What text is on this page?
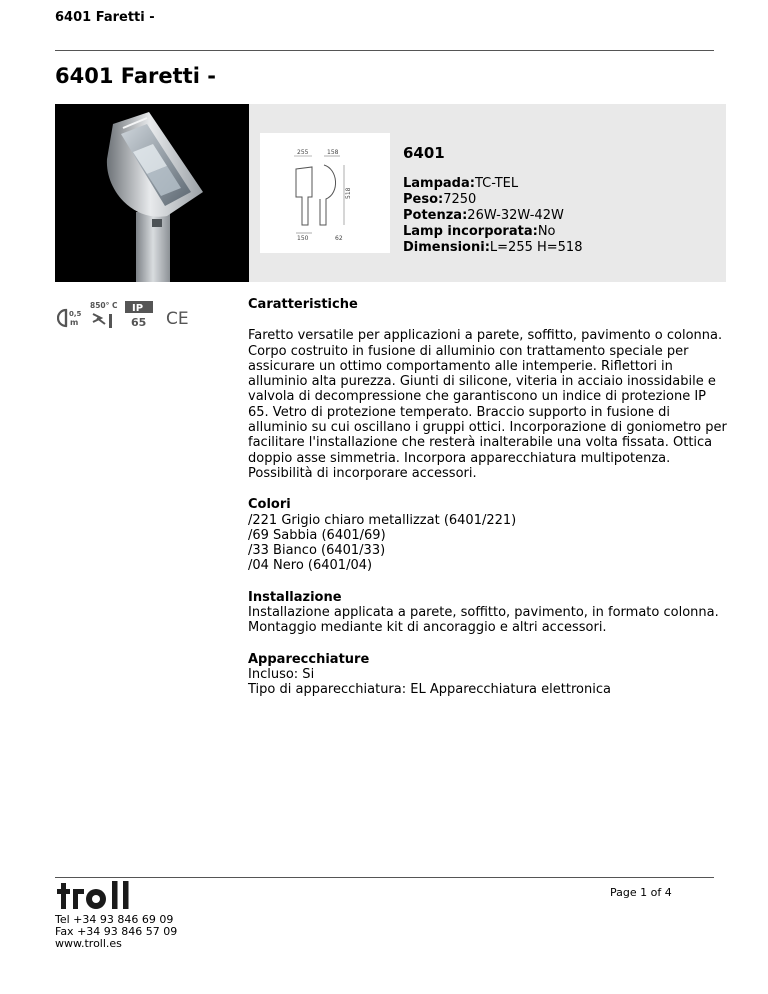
6401 Faretti -
6401 Faretti -
255	158
518
150	62
6401
Lampada:TC-TEL
Peso:7250
Potenza:26W-32W-42W
Lamp incorporata:No
Dimensioni:L=255 H=518
0,5
m
850° C IP
65 CE
Caratteristiche

Faretto versatile per applicazioni a parete, soffitto, pavimento o colonna. Corpo costruito in fusione di alluminio con trattamento speciale per assicurare un ottimo comportamento alle intemperie. Riflettori in alluminio alta purezza. Giunti di silicone, viteria in acciaio inossidabile e valvola di decompressione che garantiscono un indice di protezione IP 65. Vetro di protezione temperato. Braccio supporto in fusione di alluminio su cui oscillano i gruppi ottici. Incorporazione di goniometro per facilitare l'installazione che resterà inalterabile una volta fissata. Ottica doppio asse simmetria. Incorpora apparecchiatura multipotenza. Possibilità di incorporare accessori.

Colori
/221 Grigio chiaro metallizzat (6401/221)
/69 Sabbia (6401/69)
/33 Bianco (6401/33)
/04 Nero (6401/04)
Installazione

Installazione applicata a parete, soffitto, pavimento, in formato colonna. Montaggio mediante kit di ancoraggio e altri accessori.

Apparecchiature
Incluso: Si
Tipo di apparecchiatura: EL Apparecchiatura elettronica
Page 1 of 4
Tel +34 93 846 69 09
Fax +34 93 846 57 09
www.troll.es
